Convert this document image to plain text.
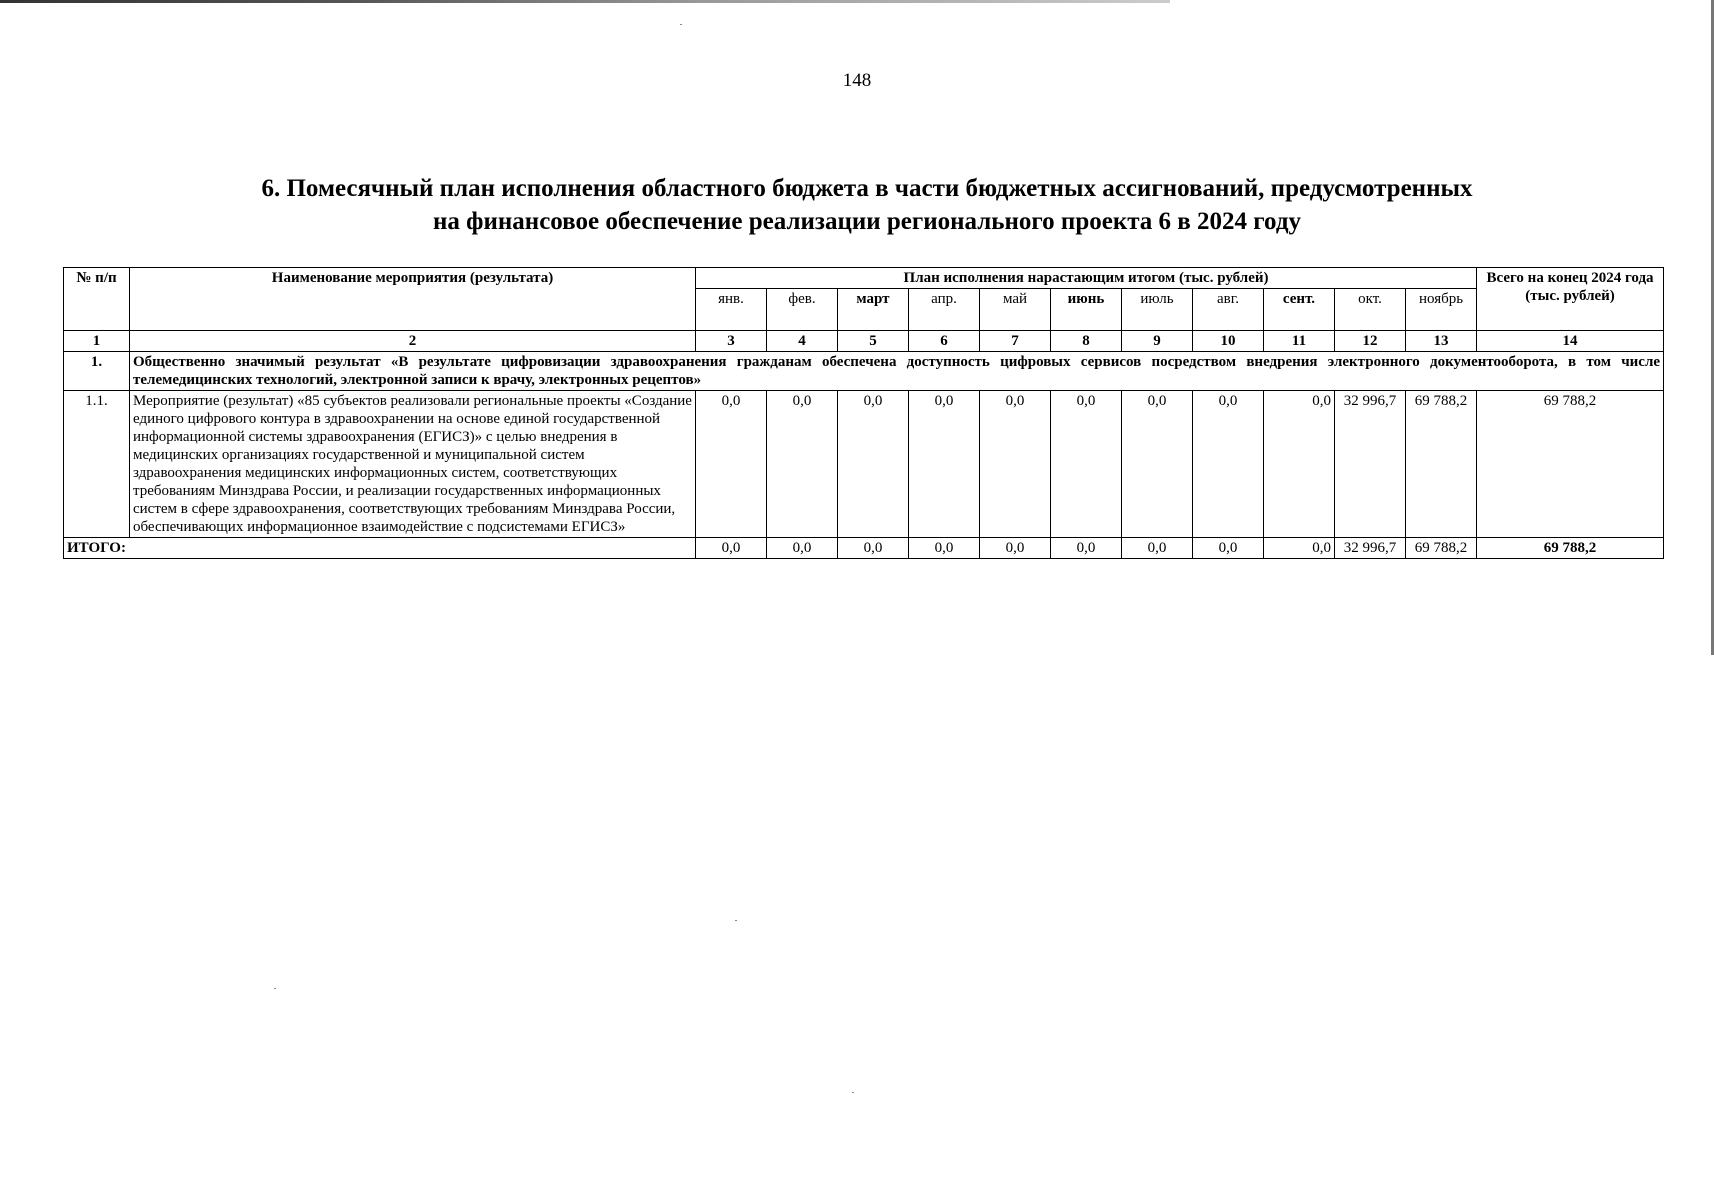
148
6. Помесячный план исполнения областного бюджета в части бюджетных ассигнований, предусмотренных
на финансовое обеспечение реализации регионального проекта 6 в 2024 году
№ п/п	Наименование мероприятия (результата)	План исполнения нарастающим итогом (тыс. рублей)											Всего на конец 2024 года (тыс. рублей)
		янв.	фев.	март	апр.	май	июнь	июль	авг.	сент.	окт.	ноябрь	
1	2	3	4	5	6	7	8	9	10	11	12	13	14
1.	Общественно значимый результат «В результате цифровизации здравоохранения гражданам обеспечена доступность цифровых сервисов посредством внедрения электронного документооборота, в том числе телемедицинских технологий, электронной записи к врачу, электронных рецептов»												
1.1.	Мероприятие (результат) «85 субъектов реализовали региональные проекты «Создание единого цифрового контура в здравоохранении на основе единой государственной информационной системы здравоохранения (ЕГИСЗ)» с целью внедрения в медицинских организациях государственной и муниципальной систем здравоохранения медицинских информационных систем, соответствующих требованиям Минздрава России, и реализации государственных информационных систем в сфере здравоохранения, соответствующих требованиям Минздрава России, обеспечивающих информационное взаимодействие с подсистемами ЕГИСЗ»	0,0	0,0	0,0	0,0	0,0	0,0	0,0	0,0	0,0	32 996,7	69 788,2	69 788,2
ИТОГО:		0,0	0,0	0,0	0,0	0,0	0,0	0,0	0,0	0,0	32 996,7	69 788,2	69 788,2
